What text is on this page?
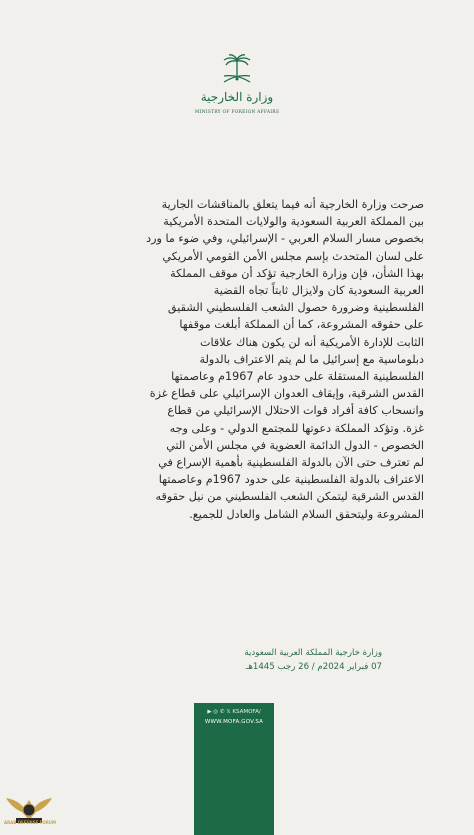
وزارة الخارجية
MINISTRY OF FOREIGN AFFAIRS
صرحت وزارة الخارجية أنه فيما يتعلق بالمناقشات الجارية
بين المملكة العربية السعودية والولايات المتحدة الأمريكية
بخصوص مسار السلام العربي - الإسرائيلي، وفي ضوء ما ورد
على لسان المتحدث بإسم مجلس الأمن القومي الأمريكي
بهذا الشأن، فإن وزارة الخارجية تؤكد أن موقف المملكة
العربية السعودية كان ولايزال ثابتاً تجاه القضية
الفلسطينية وضرورة حصول الشعب الفلسطيني الشقيق
على حقوقه المشروعة، كما أن المملكة أبلغت موقفها
الثابت للإدارة الأمريكية أنه لن يكون هناك علاقات
دبلوماسية مع إسرائيل ما لم يتم الاعتراف بالدولة
الفلسطينية المستقلة على حدود عام 1967م وعاصمتها
القدس الشرقية، وإيقاف العدوان الإسرائيلي على قطاع غزة
وانسحاب كافة أفراد قوات الاحتلال الإسرائيلي من قطاع
غزة. وتؤكد المملكة دعوتها للمجتمع الدولي - وعلى وجه
الخصوص - الدول الدائمة العضوية في مجلس الأمن التي
لم تعترف حتى الآن بالدولة الفلسطينية بأهمية الإسراع في
الاعتراف بالدولة الفلسطينية على حدود 1967م وعاصمتها
القدس الشرقية ليتمكن الشعب الفلسطيني من نيل حقوقه
المشروعة وليتحقق السلام الشامل والعادل للجميع.
وزارة خارجية المملكة العربية السعودية
07 فبراير 2024م / 26 رجب 1445هـ
▶ ◎ ✆ 𝕏 KSAMOFA/
WWW.MOFA.GOV.SA
ARAB DEFENSE FORUM
